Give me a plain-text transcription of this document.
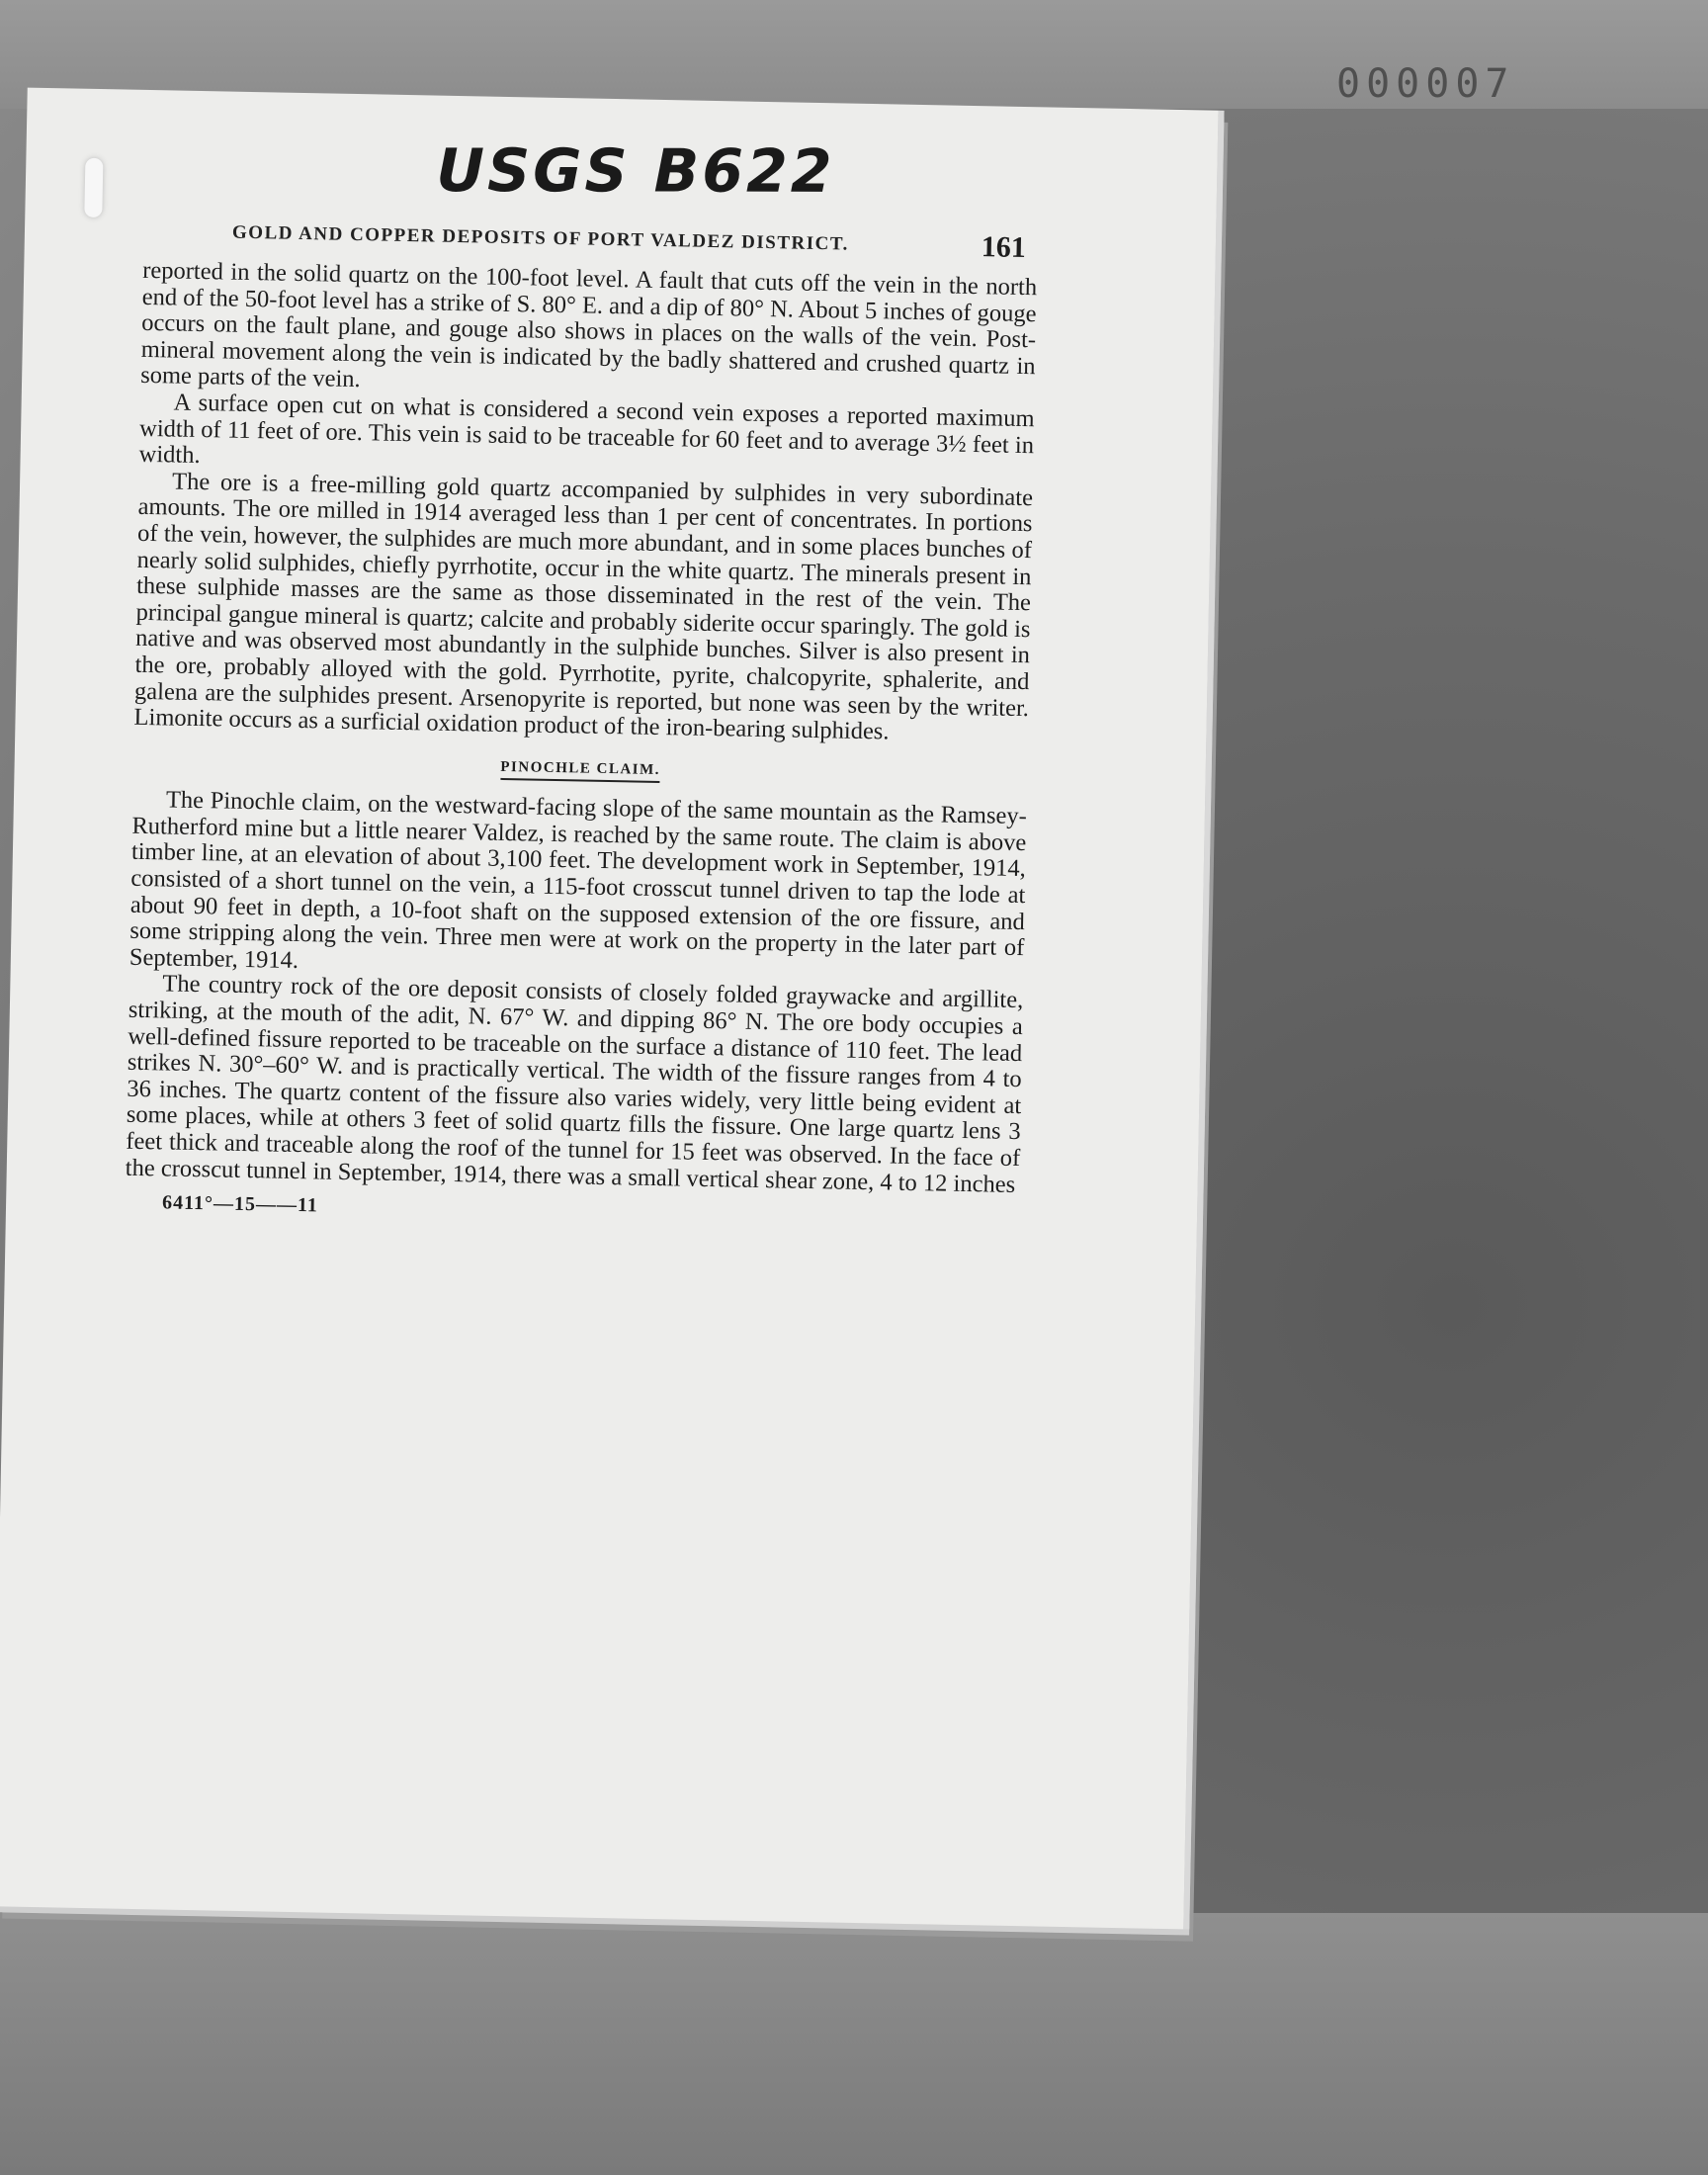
000007
USGS B622
GOLD AND COPPER DEPOSITS OF PORT VALDEZ DISTRICT.	161

reported in the solid quartz on the 100-foot level. A fault that cuts off the vein in the north end of the 50-foot level has a strike of S. 80° E. and a dip of 80° N. About 5 inches of gouge occurs on the fault plane, and gouge also shows in places on the walls of the vein. Post-mineral movement along the vein is indicated by the badly shattered and crushed quartz in some parts of the vein.

A surface open cut on what is considered a second vein exposes a reported maximum width of 11 feet of ore. This vein is said to be traceable for 60 feet and to average 3½ feet in width.

The ore is a free-milling gold quartz accompanied by sulphides in very subordinate amounts. The ore milled in 1914 averaged less than 1 per cent of concentrates. In portions of the vein, however, the sulphides are much more abundant, and in some places bunches of nearly solid sulphides, chiefly pyrrhotite, occur in the white quartz. The minerals present in these sulphide masses are the same as those disseminated in the rest of the vein. The principal gangue mineral is quartz; calcite and probably siderite occur sparingly. The gold is native and was observed most abundantly in the sulphide bunches. Silver is also present in the ore, probably alloyed with the gold. Pyrrhotite, pyrite, chalcopyrite, sphalerite, and galena are the sulphides present. Arsenopyrite is reported, but none was seen by the writer. Limonite occurs as a surficial oxidation product of the iron-bearing sulphides.

PINOCHLE CLAIM.

The Pinochle claim, on the westward-facing slope of the same mountain as the Ramsey-Rutherford mine but a little nearer Valdez, is reached by the same route. The claim is above timber line, at an elevation of about 3,100 feet. The development work in September, 1914, consisted of a short tunnel on the vein, a 115-foot crosscut tunnel driven to tap the lode at about 90 feet in depth, a 10-foot shaft on the supposed extension of the ore fissure, and some stripping along the vein. Three men were at work on the property in the later part of September, 1914.

The country rock of the ore deposit consists of closely folded graywacke and argillite, striking, at the mouth of the adit, N. 67° W. and dipping 86° N. The ore body occupies a well-defined fissure reported to be traceable on the surface a distance of 110 feet. The lead strikes N. 30°–60° W. and is practically vertical. The width of the fissure ranges from 4 to 36 inches. The quartz content of the fissure also varies widely, very little being evident at some places, while at others 3 feet of solid quartz fills the fissure. One large quartz lens 3 feet thick and traceable along the roof of the tunnel for 15 feet was observed. In the face of the crosscut tunnel in September, 1914, there was a small vertical shear zone, 4 to 12 inches

6411°—15——11
